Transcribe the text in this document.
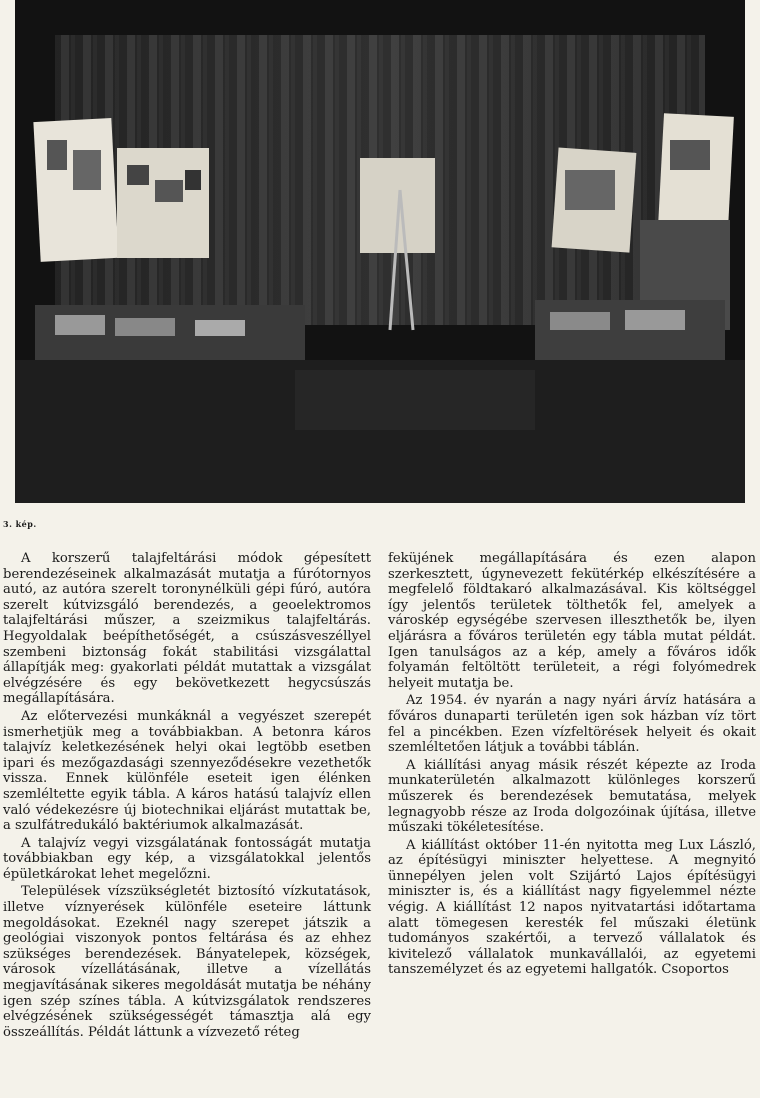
3. kép.

A korszerű talajfeltárási módok gépesített berendezéseinek alkalmazását mutatja a fúrótornyos autó, az autóra szerelt toronynélküli gépi fúró, autóra szerelt kútvizsgáló berendezés, a geoelektromos talajfeltárási műszer, a szeizmikus talajfeltárás. Hegyoldalak beépíthetőségét, a csúszásveszéllyel szembeni biztonság fokát stabilitási vizsgálattal állapítják meg: gyakorlati példát mutattak a vizsgálat elvégzésére és egy bekövetkezett hegycsúszás megállapítására.

Az előtervezési munkáknál a vegyészet szerepét ismerhetjük meg a továbbiakban. A betonra káros talajvíz keletkezésének helyi okai legtöbb esetben ipari és mezőgazdasági szennyeződésekre vezethetők vissza. Ennek különféle eseteit igen élénken szemléltette egyik tábla. A káros hatású talajvíz ellen való védekezésre új biotechnikai eljárást mutattak be, a szulfátredukáló baktériumok alkalmazását.

A talajvíz vegyi vizsgálatának fontosságát mutatja továbbiakban egy kép, a vizsgálatokkal jelentős épületkárokat lehet megelőzni.

Települések vízszükségletét biztosító vízkutatások, illetve víznyerések különféle eseteire láttunk megoldásokat. Ezeknél nagy szerepet játszik a geológiai viszonyok pontos feltárása és az ehhez szükséges berendezések. Bányatelepek, községek, városok vízellátásának, illetve a vízellátás megjavításának sikeres megoldását mutatja be néhány igen szép színes tábla. A kútvizsgálatok rendszeres elvégzésének szükségességét támasztja alá egy összeállítás. Példát láttunk a vízvezető réteg

feküjének megállapítására és ezen alapon szerkesztett, úgynevezett fekütérkép elkészítésére a megfelelő földtakaró alkalmazásával. Kis költséggel így jelentős területek tölthetők fel, amelyek a városkép egységébe szervesen illeszthetők be, ilyen eljárásra a főváros területén egy tábla mutat példát. Igen tanulságos az a kép, amely a főváros idők folyamán feltöltött területeit, a régi folyómedrek helyeit mutatja be.

Az 1954. év nyarán a nagy nyári árvíz hatására a főváros dunaparti területén igen sok házban víz tört fel a pincékben. Ezen vízfeltörések helyeit és okait szemléltetően látjuk a további táblán.

A kiállítási anyag másik részét képezte az Iroda munkaterületén alkalmazott különleges korszerű műszerek és berendezések bemutatása, melyek legnagyobb része az Iroda dolgozóinak újítása, illetve műszaki tökéletesítése.

A kiállítást október 11-én nyitotta meg Lux László, az építésügyi miniszter helyettese. A megnyitó ünnepélyen jelen volt Szijártó Lajos építésügyi miniszter is, és a kiállítást nagy figyelemmel nézte végig. A kiállítást 12 napos nyitvatartási időtartama alatt tömegesen keresték fel műszaki életünk tudományos szakértői, a tervező vállalatok és kivitelező vállalatok munkavállalói, az egyetemi tanszemélyzet és az egyetemi hallgatók. Csoportos
